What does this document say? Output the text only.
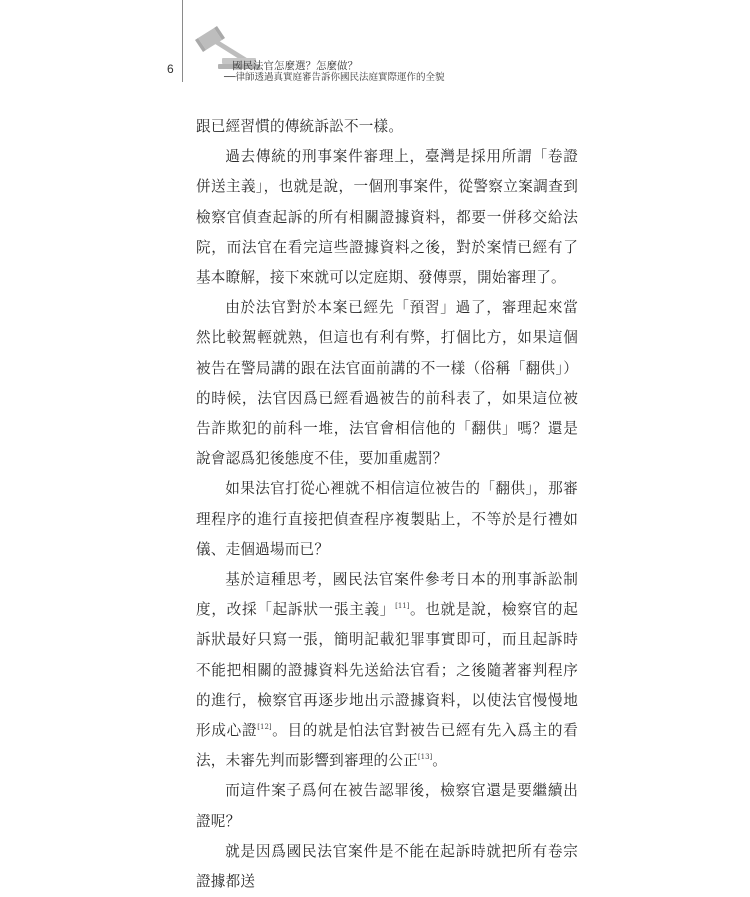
6	國民法官怎麼選？怎麼做？
──律師透過真實庭審告訴你國民法庭實際運作的全貌

跟已經習慣的傳統訴訟不一樣。

過去傳統的刑事案件審理上，臺灣是採用所謂「卷證併送主義」，也就是說，一個刑事案件，從警察立案調查到檢察官偵查起訴的所有相關證據資料，都要一併移交給法院，而法官在看完這些證據資料之後，對於案情已經有了基本瞭解，接下來就可以定庭期、發傳票，開始審理了。

由於法官對於本案已經先「預習」過了，審理起來當然比較駕輕就熟，但這也有利有弊，打個比方，如果這個被告在警局講的跟在法官面前講的不一樣（俗稱「翻供」）的時候，法官因爲已經看過被告的前科表了，如果這位被告詐欺犯的前科一堆，法官會相信他的「翻供」嗎？還是說會認爲犯後態度不佳，要加重處罰？

如果法官打從心裡就不相信這位被告的「翻供」，那審理程序的進行直接把偵查程序複製貼上，不等於是行禮如儀、走個過場而已？

基於這種思考，國民法官案件參考日本的刑事訴訟制度，改採「起訴狀一張主義」[11]。也就是說，檢察官的起訴狀最好只寫一張，簡明記載犯罪事實即可，而且起訴時不能把相關的證據資料先送給法官看；之後隨著審判程序的進行，檢察官再逐步地出示證據資料，以使法官慢慢地形成心證[12]。目的就是怕法官對被告已經有先入爲主的看法，未審先判而影響到審理的公正[13]。

而這件案子爲何在被告認罪後，檢察官還是要繼續出證呢？

就是因爲國民法官案件是不能在起訴時就把所有卷宗證據都送
